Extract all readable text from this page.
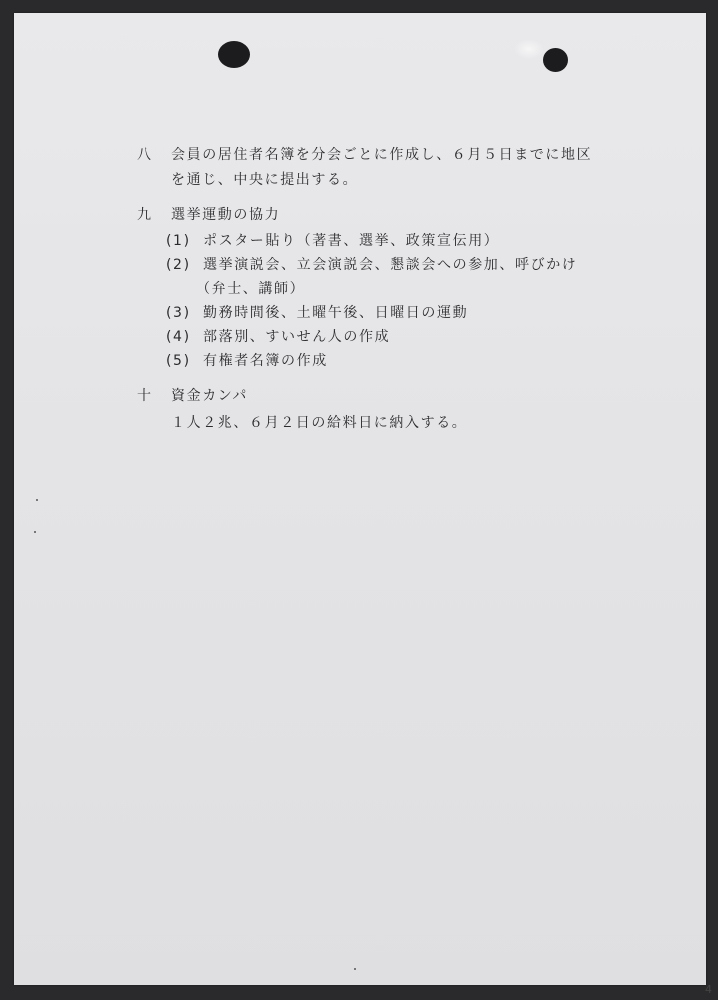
八 会員の居住者名簿を分会ごとに作成し、６月５日までに地区
を通じ、中央に提出する。
九 選挙運動の協力
(1) ポスター貼り（著書、選挙、政策宣伝用）
(2) 選挙演説会、立会演説会、懇談会への参加、呼びかけ
（弁士、講師）
(3) 勤務時間後、土曜午後、日曜日の運動
(4) 部落別、すいせん人の作成
(5) 有権者名簿の作成
十 資金カンパ
１人２兆、６月２日の給料日に納入する。
4
